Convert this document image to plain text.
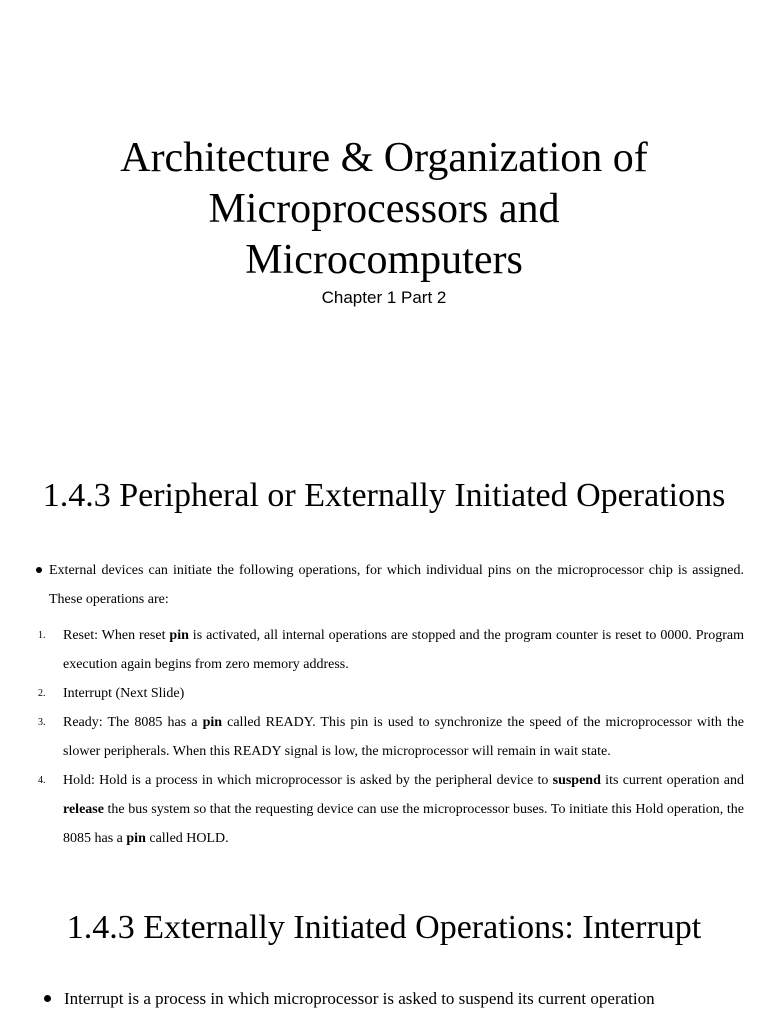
Architecture & Organization of
Microprocessors and
Microcomputers
Chapter 1 Part 2
1.4.3 Peripheral or Externally Initiated Operations
External devices can initiate the following operations, for which individual pins on the microprocessor chip is assigned. These operations are:
1. Reset: When reset pin is activated, all internal operations are stopped and the program counter is reset to 0000. Program execution again begins from zero memory address.
2. Interrupt (Next Slide)
3. Ready: The 8085 has a pin called READY. This pin is used to synchronize the speed of the microprocessor with the slower peripherals. When this READY signal is low, the microprocessor will remain in wait state.
4. Hold: Hold is a process in which microprocessor is asked by the peripheral device to suspend its current operation and release the bus system so that the requesting device can use the microprocessor buses. To initiate this Hold operation, the 8085 has a pin called HOLD.
1.4.3 Externally Initiated Operations: Interrupt
Interrupt is a process in which microprocessor is asked to suspend its current operation
